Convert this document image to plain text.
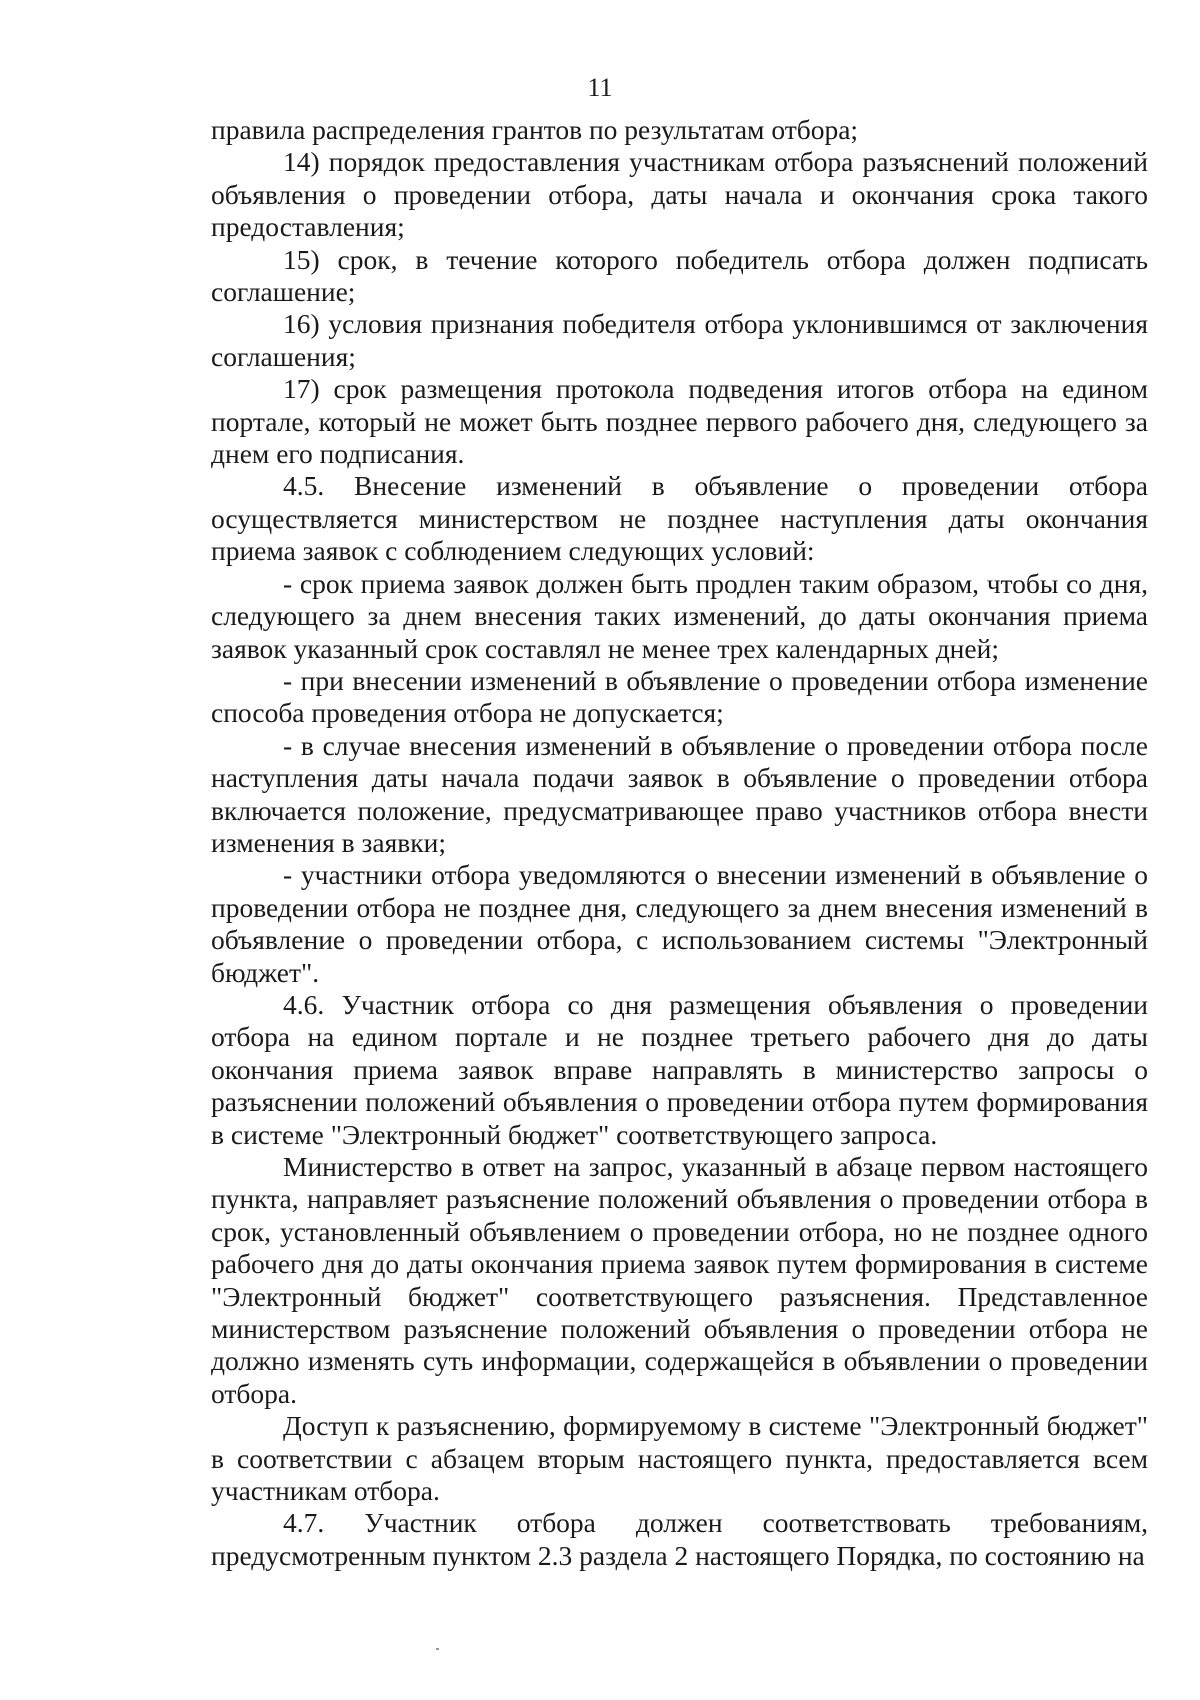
11

правила распределения грантов по результатам отбора;

14) порядок предоставления участникам отбора разъяснений положений объявления о проведении отбора, даты начала и окончания срока такого предоставления;

15) срок, в течение которого победитель отбора должен подписать соглашение;

16) условия признания победителя отбора уклонившимся от заключения соглашения;

17) срок размещения протокола подведения итогов отбора на едином портале, который не может быть позднее первого рабочего дня, следующего за днем его подписания.

4.5. Внесение изменений в объявление о проведении отбора осуществляется министерством не позднее наступления даты окончания приема заявок с соблюдением следующих условий:

- срок приема заявок должен быть продлен таким образом, чтобы со дня, следующего за днем внесения таких изменений, до даты окончания приема заявок указанный срок составлял не менее трех календарных дней;

- при внесении изменений в объявление о проведении отбора изменение способа проведения отбора не допускается;

- в случае внесения изменений в объявление о проведении отбора после наступления даты начала подачи заявок в объявление о проведении отбора включается положение, предусматривающее право участников отбора внести изменения в заявки;

- участники отбора уведомляются о внесении изменений в объявление о проведении отбора не позднее дня, следующего за днем внесения изменений в объявление о проведении отбора, с использованием системы "Электронный бюджет".

4.6. Участник отбора со дня размещения объявления о проведении отбора на едином портале и не позднее третьего рабочего дня до даты окончания приема заявок вправе направлять в министерство запросы о разъяснении положений объявления о проведении отбора путем формирования в системе "Электронный бюджет" соответствующего запроса.

Министерство в ответ на запрос, указанный в абзаце первом настоящего пункта, направляет разъяснение положений объявления о проведении отбора в срок, установленный объявлением о проведении отбора, но не позднее одного рабочего дня до даты окончания приема заявок путем формирования в системе "Электронный бюджет" соответствующего разъяснения. Представленное министерством разъяснение положений объявления о проведении отбора не должно изменять суть информации, содержащейся в объявлении о проведении отбора.

Доступ к разъяснению, формируемому в системе "Электронный бюджет" в соответствии с абзацем вторым настоящего пункта, предоставляется всем участникам отбора.

4.7. Участник отбора должен соответствовать требованиям, предусмотренным пунктом 2.3 раздела 2 настоящего Порядка, по состоянию на
